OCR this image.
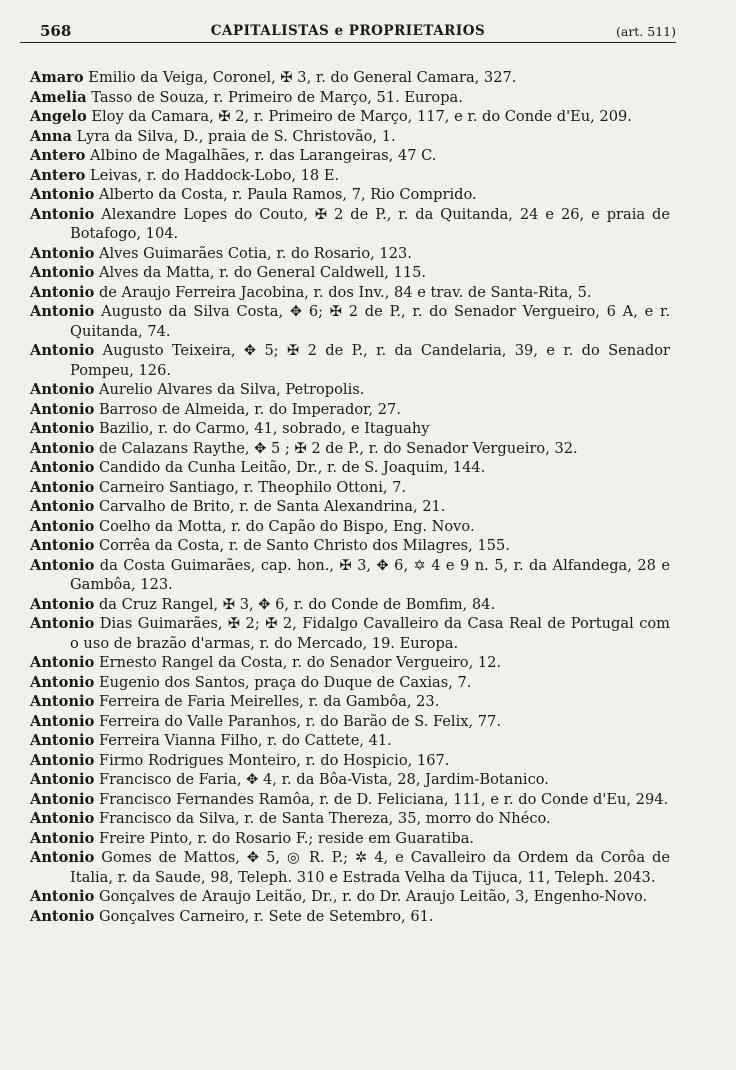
568	CAPITALISTAS e PROPRIETARIOS	(art. 511)
Amaro Emilio da Veiga, Coronel, ✠ 3, r. do General Camara, 327.
Amelia Tasso de Souza, r. Primeiro de Março, 51. Europa.
Angelo Eloy da Camara, ✠ 2, r. Primeiro de Março, 117, e r. do Conde d'Eu, 209.
Anna Lyra da Silva, D., praia de S. Christovão, 1.
Antero Albino de Magalhães, r. das Larangeiras, 47 C.
Antero Leivas, r. do Haddock-Lobo, 18 E.
Antonio Alberto da Costa, r. Paula Ramos, 7, Rio Comprido.
Antonio Alexandre Lopes do Couto, ✠ 2 de P., r. da Quitanda, 24 e 26, e praia de Botafogo, 104.
Antonio Alves Guimarães Cotia, r. do Rosario, 123.
Antonio Alves da Matta, r. do General Caldwell, 115.
Antonio de Araujo Ferreira Jacobina, r. dos Inv., 84 e trav. de Santa-Rita, 5.
Antonio Augusto da Silva Costa, ✥ 6; ✠ 2 de P., r. do Senador Vergueiro, 6 A, e r. Quitanda, 74.
Antonio Augusto Teixeira, ✥ 5; ✠ 2 de P., r. da Candelaria, 39, e r. do Senador Pompeu, 126.
Antonio Aurelio Alvares da Silva, Petropolis.
Antonio Barroso de Almeida, r. do Imperador, 27.
Antonio Bazilio, r. do Carmo, 41, sobrado, e Itaguahy
Antonio de Calazans Raythe, ✥ 5 ; ✠ 2 de P., r. do Senador Vergueiro, 32.
Antonio Candido da Cunha Leitão, Dr., r. de S. Joaquim, 144.
Antonio Carneiro Santiago, r. Theophilo Ottoni, 7.
Antonio Carvalho de Brito, r. de Santa Alexandrina, 21.
Antonio Coelho da Motta, r. do Capão do Bispo, Eng. Novo.
Antonio Corrêa da Costa, r. de Santo Christo dos Milagres, 155.
Antonio da Costa Guimarães, cap. hon., ✠ 3, ✥ 6, ✡ 4 e 9 n. 5, r. da Alfandega, 28 e Gambôa, 123.
Antonio da Cruz Rangel, ✠ 3, ✥ 6, r. do Conde de Bomfim, 84.
Antonio Dias Guimarães, ✠ 2; ✠ 2, Fidalgo Cavalleiro da Casa Real de Portugal com o uso de brazão d'armas, r. do Mercado, 19. Europa.
Antonio Ernesto Rangel da Costa, r. do Senador Vergueiro, 12.
Antonio Eugenio dos Santos, praça do Duque de Caxias, 7.
Antonio Ferreira de Faria Meirelles, r. da Gambôa, 23.
Antonio Ferreira do Valle Paranhos, r. do Barão de S. Felix, 77.
Antonio Ferreira Vianna Filho, r. do Cattete, 41.
Antonio Firmo Rodrigues Monteiro, r. do Hospicio, 167.
Antonio Francisco de Faria, ✥ 4, r. da Bôa-Vista, 28, Jardim-Botanico.
Antonio Francisco Fernandes Ramôa, r. de D. Feliciana, 111, e r. do Conde d'Eu, 294.
Antonio Francisco da Silva, r. de Santa Thereza, 35, morro do Nhéco.
Antonio Freire Pinto, r. do Rosario F.; reside em Guaratiba.
Antonio Gomes de Mattos, ✥ 5, ◎ R. P.; ✲ 4, e Cavalleiro da Ordem da Corôa de Italia, r. da Saude, 98, Teleph. 310 e Estrada Velha da Tijuca, 11, Teleph. 2043.
Antonio Gonçalves de Araujo Leitão, Dr., r. do Dr. Araujo Leitão, 3, Engenho-Novo.
Antonio Gonçalves Carneiro, r. Sete de Setembro, 61.
